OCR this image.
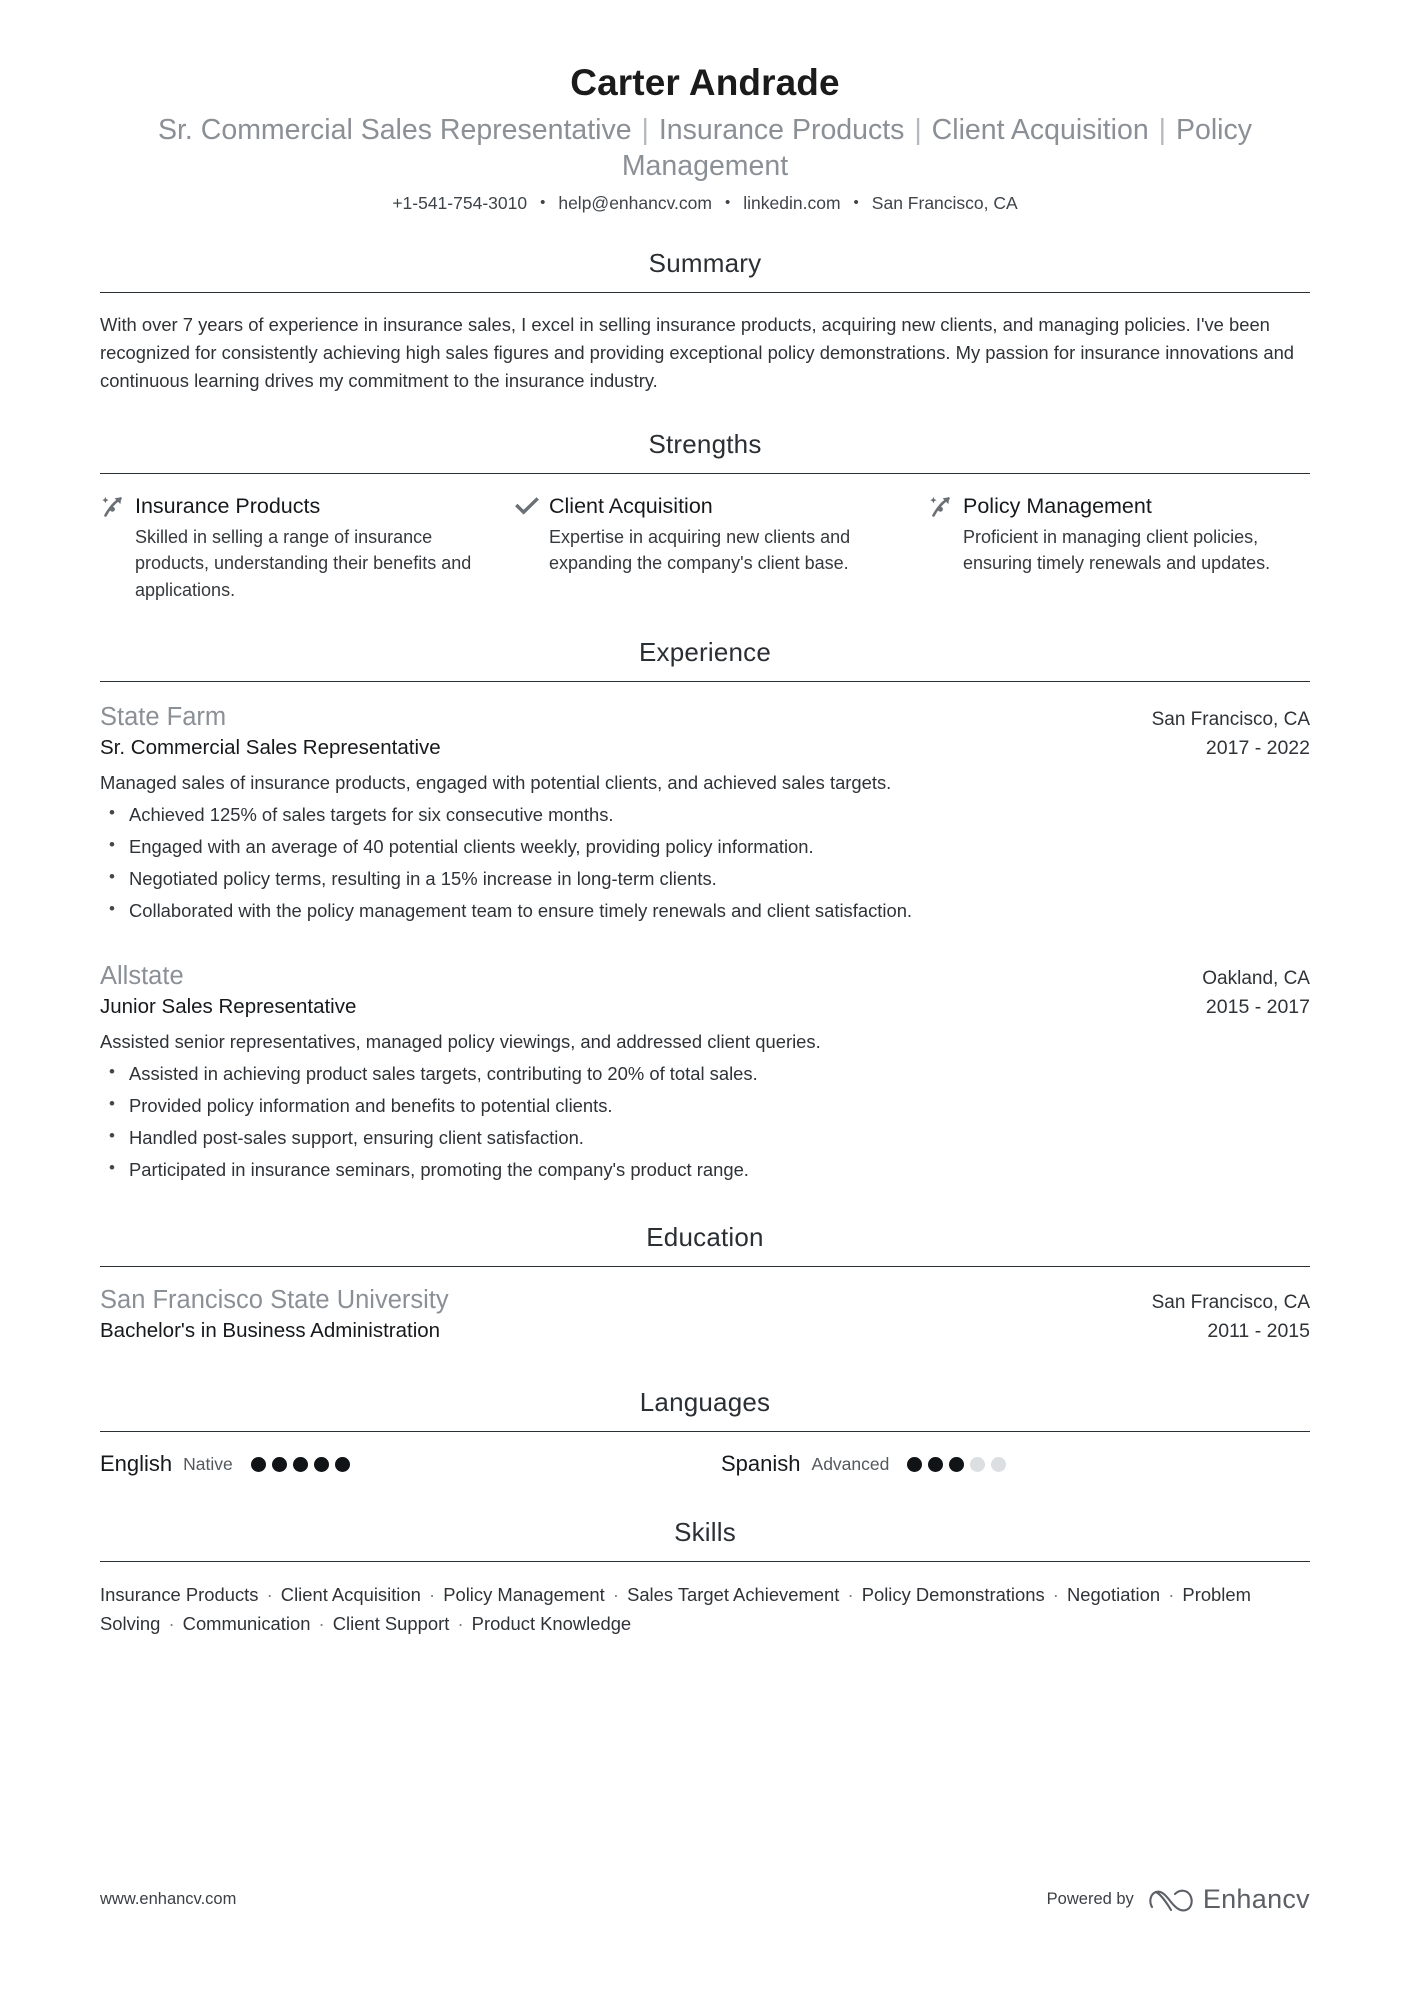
Carter Andrade
Sr. Commercial Sales Representative | Insurance Products | Client Acquisition | Policy Management
+1-541-754-3010 • help@enhancv.com • linkedin.com • San Francisco, CA
Summary
With over 7 years of experience in insurance sales, I excel in selling insurance products, acquiring new clients, and managing policies. I've been recognized for consistently achieving high sales figures and providing exceptional policy demonstrations. My passion for insurance innovations and continuous learning drives my commitment to the insurance industry.
Strengths
Insurance Products
Skilled in selling a range of insurance products, understanding their benefits and applications.
Client Acquisition
Expertise in acquiring new clients and expanding the company's client base.
Policy Management
Proficient in managing client policies, ensuring timely renewals and updates.
Experience
State Farm	San Francisco, CA
Sr. Commercial Sales Representative	2017 - 2022
Managed sales of insurance products, engaged with potential clients, and achieved sales targets.
• Achieved 125% of sales targets for six consecutive months.
• Engaged with an average of 40 potential clients weekly, providing policy information.
• Negotiated policy terms, resulting in a 15% increase in long-term clients.
• Collaborated with the policy management team to ensure timely renewals and client satisfaction.
Allstate	Oakland, CA
Junior Sales Representative	2015 - 2017
Assisted senior representatives, managed policy viewings, and addressed client queries.
• Assisted in achieving product sales targets, contributing to 20% of total sales.
• Provided policy information and benefits to potential clients.
• Handled post-sales support, ensuring client satisfaction.
• Participated in insurance seminars, promoting the company's product range.
Education
San Francisco State University	San Francisco, CA
Bachelor's in Business Administration	2011 - 2015
Languages
English Native	Spanish Advanced
Skills
Insurance Products · Client Acquisition · Policy Management · Sales Target Achievement · Policy Demonstrations · Negotiation · Problem Solving · Communication · Client Support · Product Knowledge
www.enhancv.com	Powered by	Enhancv
